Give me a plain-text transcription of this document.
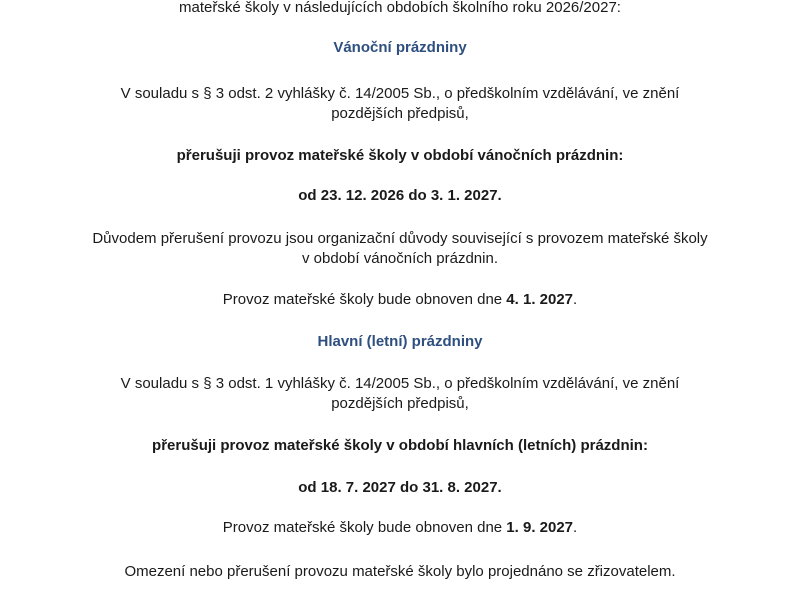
mateřské školy v následujících obdobích školního roku 2026/2027:
Vánoční prázdniny
V souladu s § 3 odst. 2 vyhlášky č. 14/2005 Sb., o předškolním vzdělávání, ve znění
pozdějších předpisů,
přerušuji provoz mateřské školy v období vánočních prázdnin:
od 23. 12. 2026 do 3. 1. 2027.
Důvodem přerušení provozu jsou organizační důvody související s provozem mateřské školy
v období vánočních prázdnin.
Provoz mateřské školy bude obnoven dne 4. 1. 2027.
Hlavní (letní) prázdniny
V souladu s § 3 odst. 1 vyhlášky č. 14/2005 Sb., o předškolním vzdělávání, ve znění
pozdějších předpisů,
přerušuji provoz mateřské školy v období hlavních (letních) prázdnin:
od 18. 7. 2027 do 31. 8. 2027.
Provoz mateřské školy bude obnoven dne 1. 9. 2027.
Omezení nebo přerušení provozu mateřské školy bylo projednáno se zřizovatelem.
